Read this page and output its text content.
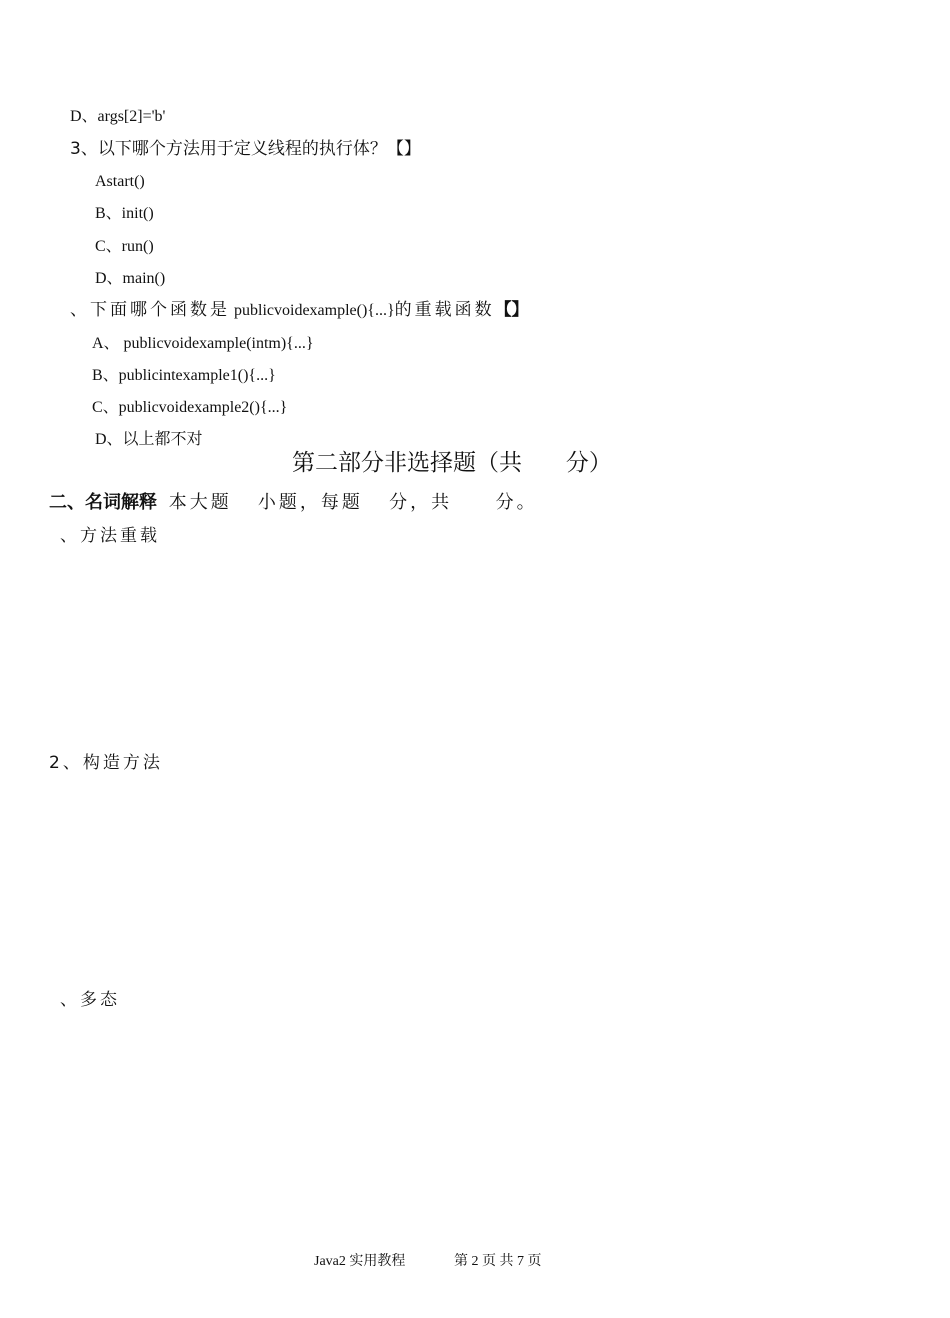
D、args[2]='b'
3、以下哪个方法用于定义线程的执行体？【】
Astart()
B、init()
C、run()
D、main()
、下面哪个函数是 publicvoidexample(){...}的重载函数【】
A、 publicvoidexample(intm){...}
B、publicintexample1(){...}
C、publicvoidexample2(){...}
D、以上都不对
第二部分非选择题（共      分）
二、名词解释 本大题   小题，每题   分，共     分。
、方法重载
2、构造方法
、多态
Java2 实用教程	第 2 页 共 7 页
